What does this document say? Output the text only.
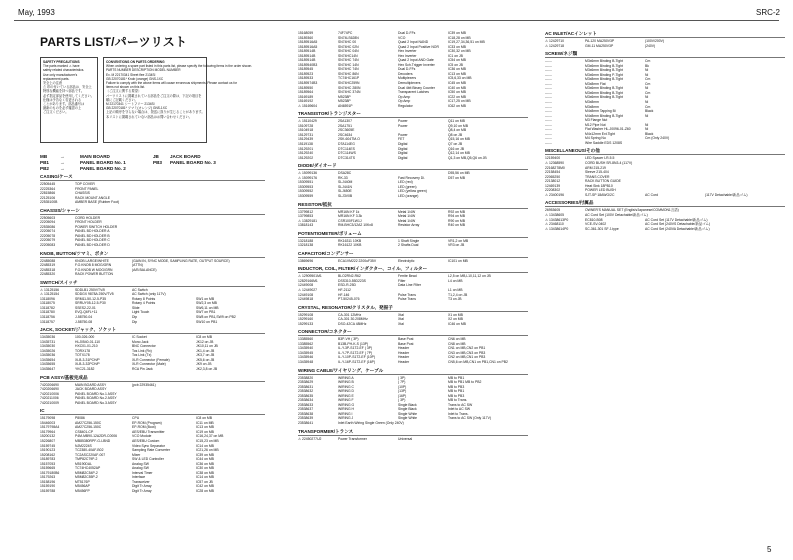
May, 1993	SRC-2
PARTS LIST/パーツリスト
SAFETY PRECAUTIONS
The parts marked ⚠ have
safety related characteristics.
Use only manufacturer's
replacement parts.
安全上の注意
⚠ 印の付いている部品は、安全上
特別な機能を持つ部品です。
必ず指定部品を使用してください。
仕様は予告なく変更される
ことがあります。部品番号は
最新のものを必ず確認の上
ご注文ください。
CONVENTIONS ON PARTS ORDERING
When ordering a spare part listed in this parts list, please specify the following items in the order shown.
PARTS NUMBER DESCRIPTION MODEL NUMBER
Ex. M 22170341 Sheet flee 2134SI
GB 22070181* Knob (orange) GNS-1XC
Failure to comply with the above items will cause erroneous shipments. Please contact us for
items not shown on this list.
〈ご注文に関する要望〉
パーツリストに掲載されている部品をご注文の際は、下記の項目を
順にご記載ください。
M 22170341 シートフリー 2134SI
GB 22070181* ツマミ(オレンジ) GNS-1XC
上記の順序を守らない場合は、発送に誤りが生じることがあります。
本リストに掲載されていない部品はお問い合わせください。
MB	→	MAIN BOARD	JB JACK BOARD
PB1 →	PANEL BOARD No. 1	PB3 PANEL BOARD No. 3
PB2 →	PANEL BOARD No. 2
CASING/ケース
22505445	TOP COVER
22225364	FRONT PANEL
22815866	CHASSIS
22125106	RACK MOUNT ANGLE
22535100B	AMBER BASE (Rubber Foot)
CHASSIS/シャーシ
22505603	CORD HOLDER
22205094	FRONT HOLDER
22535086	POWER SWITCH HOLDER
22205074	PANEL BD HOLDER A
22205078	PANEL BD HOLDER B
22205079	PANEL BD HOLDER C
22205083	PANEL BD HOLDER D
KNOB, BUTTON/ツマミ、ボタン
22485088	KNOB LARGE/WHITE	(GAIN IN, SYNC MODE, SAMPLING RATE, OUTPUT SOURCE)
22485319	F.O.KNOB 8 MOG/GRN	(ATTN)
22485318	F.O.KNOB W MOG/GRN	(A/B BALANCE)
22485320	RACK POWER BUTTON
SWITCH/スイッチ
⚠ 13125156	SDDLB1 250V/TV/II	AC Switch
⚠ 13125154	SDDGX 9878A 250V/TV5	AC Switch (only 117V)
13118096	SRM11-50-12-5-P35	Rotary 8 Points	SW1 on MB
13118075	SRRUY05-12-5-P30	Rotary 4 Points	SW2,3 on MB
13118782	SSES2-22-01	Slide	SW6,11 on MB
13118780	EVQ-Q6FL+11	Light Touch	SW7 on PB1
13118756	J-58750-04	Dip	SW8 on PB1,SW9 on PB2
13118757	J-58750-08	Dip	SW10 on PB1
JACK, SOCKET/ジャック、ソケット
13435036	100-026-000	IC Socket	IC8 on MB
13435731	HLJ0540-01-110	Mono Jack	JK12 on JB
13435030	HXC01-01-210	BNC Connector	JK10,11 on JB
13435026	TORX178	Tos Link (Rx)	JK1,4 on JB
13435036	TOTX178	Tos Link (Tx)	JK3,7 on JB
13435654	XLB-3-31PCH/P	XLR Connector (Female)	JK5,6 on JB
13435655	XLB-3-32PCH/P	XLR Connector (Male)	JK9 on JB
13435647	YKC21-3182	RCA Pin Jack	JK2,3,8 on JB
PCB ASSY/基板完成品
7420206690	MAIN BOARD ASSY	(pcb 22935461)
7420206690	JACK BOARD ASSY
7420210006	PANEL BOARD No.1 ASSY
7420211006	PANEL BOARD No.2 ASSY
7420210009	PANEL BOARD No.3 ASSY
IC
15179098	P8086	CPU	IC8 on MB
15446003	AM27C256-150C	EP-ROM (Program)	IC11 on MB
15179798A4	AM27C256-150C	EP-ROM (Boot)	IC13 on MB
15179964	CS8401-CP	AES/EBU Transmitter	IC19 on MB
15200132	P4M-MB90-12A2DR-C0006	VCO Module	IC16,24,37 on MB
15226807	MB85380RPF-G-LBND	AES/EBU Custom	IC15,23 on MB
15159745	NJM2224S	Video Sync Separator	IC14 on MB
15190123	TC2380-40AF-B02	Sampling Rate Converter	IC21,26 on MB
15208162	TC2ASC220AF-007	Mixer	IC39 on MB
15189783	TMP82C79P-2	SW & LED Controller	IC44 on MB
15157053	M5190DAL	Analog SW	IC36 on MB
15159665	TC74HC4052AP	Analog SW	IC30 on MB
15179180B6	M5M82C54P-2	Interval Timer	IC38 on MB
15179263	M5M82C55P-2	Interface	IC14 on MB
15158196	MT5176P	Transceiver	IC57 on JB
15159190	M5456AP	Digit Tr Array	IC42 on MB
15159788	M5456FP	Digit Tr Array	IC28 on MB
15168059	74F74PC	Dual D-FFs	IC39 on MB
15189360	SN74LS628N	VCO	IC18,28 on MB
15189516A5	SN74HC 00	Quad 2 Input NAND	IC19,27,34,36,51 on MB
15189516A5	SN74HC 02N	Quad 2 Input Positive NOR	IC33 on MB
15189514B	SN74HC 04N	Hex Inverter	IC30,32 on MB
15189514B	SN74HC14N	Hex Inverter	IC1 on JB
15189514B	SN74HC 74N	Quad 2 Input AND Gate	IC54 on MB
15189540B3	SN74HC 14N	Hex Sch.Trigger Inverter	IC5 on JB
15189545	SN74HC 74N	Dual D-FFs	IC36 on MB
15189523	SN74HC 86N	Decoders	IC13 on MB
15189533	TC74HC161P	Multiplexers	IC5,6,33 on MB
15189574B3	SN74HC259N	Demultiplexers	IC45 on MB
15189550	SN74HC 280N	Dual 4bit Binary Counter	IC40 on MB
15189564	SN74HC 374N	Transparent Latches	IC50 on MB
15169189	M5238P	Op Amp	IC22 on MB
15169192	M5238P	Op Amp	IC17,25 on MB
⚠ 15169604	AN6591P	Regulator	IC62 on MB
TRANSISTOR/トランジスター
⚠ 15110429	2SA1307	Power	Q11 on MB
15109728	2SA1751	Power	Q9,10 on MB
15104918	2SC3605E	Q8,4 on MB
15129731	2SC4634	Power	Q8 on JB
15129439	2SK-604TM-O	FET	Q15,16 on MB
15119138	DTA114EG	Digital	Q7 on JB
15129201	DTC114ES	Digital	Q16 on JB
15129240	DTC114WS	Digital	Q12,14 on MB
15129202	DTC314TS	Digital	Q1,3 on MB,Q5,Q6 on JB
DIODE/ダイオード
⚠ 15099136	DSA28C	D55,56 on MB
⚠ 15099176	RK-33	Fast Recovery Di.	D57 on MB
15309551	SLJ440M	LED (red)
15309553	SLJ441N	LED (green)
15309552	SLJ650E	LED (yellow green)
15309559	SLJ3V0B	LED (orange)
RESISTOR/抵抗
13799812	MR16N KF 1k	Metal 1/4W	R92 on MB
13799853	MR16N KF 3.3k	Metal 1/4W	R94 on MB
⚠ 13829181	CSR100F1W1J	Metal 1/4W	R90 on MB
13818143	RM-BHC3/12A2 10Kx8	Resistor Array	R40 on MB
POTENTIOMETER/ボリューム
13218188	RK16311 10KB	1 Shaft Single	VR1,2 on MB
13218138	RK16122 10KB	2 Shafts Dual	VR3 on JB
CAPACITOR/コンデンサー
13869696	ECA1VM222 2200uF35V	Electrolytic	IC101 on MB
INDUCTOR, COIL, FILTER/インダクター、コイル、フィルター
⚠ 12909501M1	BLO2RN2-R62	Ferrite Bead	L2,5 on MB,L10,11,12 on JB
12829166M1	DSS310-55D223S	Filter	L4 on MB
12449008	ESD-R-25D	Data Line Filter
⚠ 12449027	HF-2112	L1 on MB
12449108	HF-146	Pulse Trans	T1,2,4 on JB
12449818	PT-50245-076	Pulse Trans	T3 on JB
CRYSTAL, RESONATOR/クリスタル、発振子
15299108	CA-301 12MHz	Xtal	X1 on MB
15299160	CA-301 30.208MHz	Xtal	X2 on MB
15299133	DSO-42CA 48MHz	Xtal	IC46 on MB
CONNECTOR/コネクター
13385560	B3P-VH ( 3P)	Base Post	CN6 on MB
13385562	B13B-PH-K-S (13P)	Base Post	CN8 on MB
13435940	IL-Y-3P-S1T2-EF ( 3P)	Header	CN1 on MB,CN2 on PB1
13435945	IL-Y-7P-S1T2-EF ( 7P)	Header	CN3 on MB,CN3 on PB3
13435946	IL-Y-10P-S1T2-EF (10P)	Header	CN2 on MB,CN1 on PB3
13435948	IL-Y-16P-S1T2-EF (16P)	Header	CN5,6 on MB,CN1 on PB1,CN1 on PB2
WIRING CABLE/ワイヤリング、ケーブル
23538820	WIRING A	( 3P)	MB to PB1
23538629	WIRING B	( 7P)	MB to PB1 MB to PB2
23538631	WIRING C	(10P)	MB to PB3
23538632	WIRING D	(13P)	MB to PB1
23538635	WIRING E	(16P)	MB to PB3
23538634	WIRING F	( 3P)	MB to Trans.
23538633	WIRING G	Single Black	Trans to AC SW
23538637	WIRING H	Single Black	Inlet to AC SW
23538638	WIRING I	Single White	Inlet to Trans.
23538639	WIRING J	Single White	Trans to AC SW (Only 117V)
23538641	Inlet Earth Wiring Single Green (Only 240V)
TRANSFORMER/トランス
⚠ 22450277U2	Power Transformer	Universal
AC INLET/ACインレット
⚠ 12429710	PA-120 MA250V3P	(100V/200V)
⚠ 12429718	GM-11 MA250V3P	(240V)
SCREW/ネジ類
------	M3x6mm Binding B-Tight	Cm
------	M3x6mm Binding B-Tight	Bk
------	M3x6mm Binding B-Tight	Ni
------	M3x6mm Binding P-Tight	Ni
------	M3x8mm Binding B-Tight	Cm
------	M3x8mm Flat	Cm
------	M3x6mm Binding B-Tight	Ni
------	M3x6mm Binding B-Tight	Cm
------	M3x6mm Binding B-Tight	Ni
------	M3x8mm	Ni
------	M3x8mm	Cm
------	M4x8mm Tapping Bi	Black
------	M4x8mm Binding B-Tight	Ni
------	M3 Flange Nut
------	M12 Pipe Nut	Ni
------	Flat Washer HL-J0096-01-Z60	Ni
------	M4x12mm Ext.Tight	Black
------	M4 Spring Nu	Cm (Only 240V)
------	Wire Saddle EDS 1208S
MISCELLANEOUS/その他
12159400	LED Spacer LR-5.5
⚠ 12368590	CORD BUSH SR-8N3-4 (117V)
22168278M0	ARM 215-219
22158454	Sleeve 215-404
22065250	TRANS COVER
22138012	RACK BUTTON GUIDE
12469139	Heat Sink 18PB10
22208302	POWER LED BUSH
⚠ 23400196	SJT-SP 18AWG/2C	AC Cord	(117V Detachable/新品ゴム)
ACCESSORIES/付属品
26953605	OWNER'S MANUAL SET (English/Japanese/COMMON1言語)
⚠ 13438605	AC Cord Set (100V Detachable/新品ゴム)
⚠ 13438613P0	EC810-B08	AC Cord Set (117V Detachable/新品ゴム)
⚠ 23468110	VCE-SV-0402	AC Cord Set (240VS Detachable/新品ゴム)
⚠ 13438614P0	SC-361-301 SF J-type	AC Cord Set (240VA Detachable/新品ゴム)
5
